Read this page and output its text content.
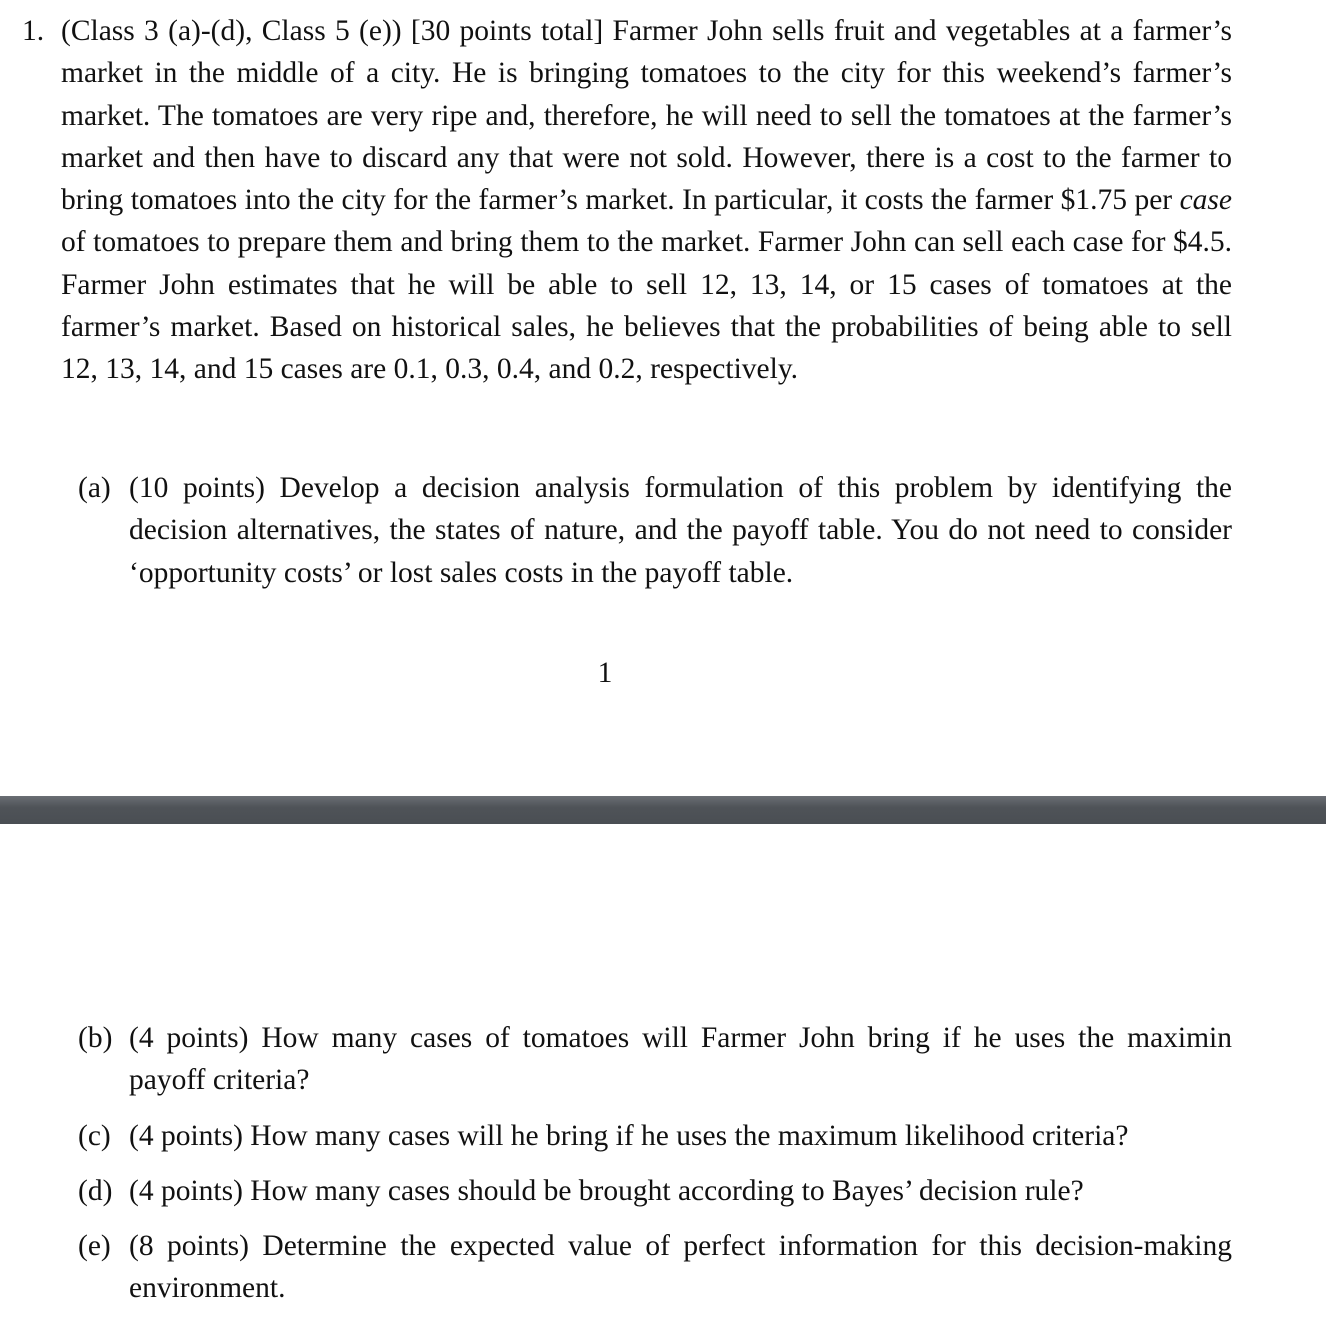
1. (Class 3 (a)-(d), Class 5 (e)) [30 points total] Farmer John sells fruit and vegetables at a farmer’s market in the middle of a city. He is bringing tomatoes to the city for this weekend’s farmer’s market. The tomatoes are very ripe and, therefore, he will need to sell the tomatoes at the farmer’s market and then have to discard any that were not sold. However, there is a cost to the farmer to bring tomatoes into the city for the farmer’s market. In particular, it costs the farmer $1.75 per case of tomatoes to prepare them and bring them to the market. Farmer John can sell each case for $4.5. Farmer John estimates that he will be able to sell 12, 13, 14, or 15 cases of tomatoes at the farmer’s market. Based on historical sales, he believes that the probabilities of being able to sell 12, 13, 14, and 15 cases are 0.1, 0.3, 0.4, and 0.2, respectively.
(a) (10 points) Develop a decision analysis formulation of this problem by identifying the decision alternatives, the states of nature, and the payoff table. You do not need to consider ‘opportunity costs’ or lost sales costs in the payoff table.
1
(b) (4 points) How many cases of tomatoes will Farmer John bring if he uses the maximin payoff criteria?
(c) (4 points) How many cases will he bring if he uses the maximum likelihood criteria?
(d) (4 points) How many cases should be brought according to Bayes’ decision rule?
(e) (8 points) Determine the expected value of perfect information for this decision-making environment.
